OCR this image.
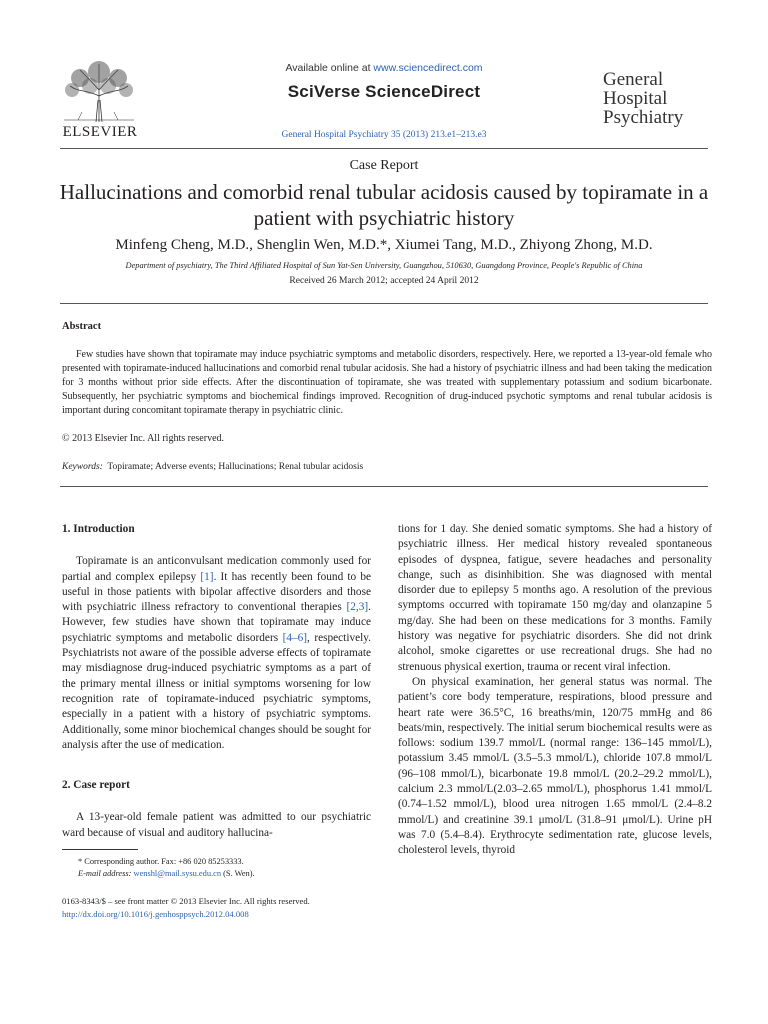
ELSEVIER
Available online at www.sciencedirect.com
SciVerse ScienceDirect
General Hospital Psychiatry 35 (2013) 213.e1–213.e3
General
Hospital
Psychiatry
Case Report
Hallucinations and comorbid renal tubular acidosis caused by topiramate in a patient with psychiatric history
Minfeng Cheng, M.D., Shenglin Wen, M.D.*, Xiumei Tang, M.D., Zhiyong Zhong, M.D.
Department of psychiatry, The Third Affiliated Hospital of Sun Yat-Sen University, Guangzhou, 510630, Guangdong Province, People's Republic of China
Received 26 March 2012; accepted 24 April 2012
Abstract
Few studies have shown that topiramate may induce psychiatric symptoms and metabolic disorders, respectively. Here, we reported a 13-year-old female who presented with topiramate-induced hallucinations and comorbid renal tubular acidosis. She had a history of psychiatric illness and had been taking the medication for 3 months without prior side effects. After the discontinuation of topiramate, she was treated with supplementary potassium and sodium bicarbonate. Subsequently, her psychiatric symptoms and biochemical findings improved. Recognition of drug-induced psychotic symptoms and renal tubular acidosis is important during concomitant topiramate therapy in psychiatric clinic.
© 2013 Elsevier Inc. All rights reserved.
Keywords: Topiramate; Adverse events; Hallucinations; Renal tubular acidosis

1. Introduction

Topiramate is an anticonvulsant medication commonly used for partial and complex epilepsy [1]. It has recently been found to be useful in those patients with bipolar affective disorders and those with psychiatric illness refractory to conventional therapies [2,3]. However, few studies have shown that topiramate may induce psychiatric symptoms and metabolic disorders [4–6], respectively. Psychiatrists not aware of the possible adverse effects of topiramate may misdiagnose drug-induced psychiatric symptoms as a part of the primary mental illness or initial symptoms worsening for low recognition rate of topiramate-induced psychiatric symptoms, especially in a patient with a history of psychiatric symptoms. Additionally, some minor biochemical changes should be sought for analysis after the use of medication.

2. Case report

A 13-year-old female patient was admitted to our psychiatric ward because of visual and auditory hallucina-

* Corresponding author. Fax: +86 020 85253333.
E-mail address: wenshl@mail.sysu.edu.cn (S. Wen).
0163-8343/$ – see front matter © 2013 Elsevier Inc. All rights reserved.
http://dx.doi.org/10.1016/j.genhosppsych.2012.04.008

tions for 1 day. She denied somatic symptoms. She had a history of psychiatric illness. Her medical history revealed spontaneous episodes of dyspnea, fatigue, severe headaches and personality change, such as disinhibition. She was diagnosed with mental disorder due to epilepsy 5 months ago. A resolution of the previous symptoms occurred with topiramate 150 mg/day and olanzapine 5 mg/day. She had been on these medications for 3 months. Family history was negative for psychiatric disorders. She did not drink alcohol, smoke cigarettes or use recreational drugs. She had no strenuous physical exertion, trauma or recent viral infection.

On physical examination, her general status was normal. The patient’s core body temperature, respirations, blood pressure and heart rate were 36.5°C, 16 breaths/min, 120/75 mmHg and 86 beats/min, respectively. The initial serum biochemical results were as follows: sodium 139.7 mmol/L (normal range: 136–145 mmol/L), potassium 3.45 mmol/L (3.5–5.3 mmol/L), chloride 107.8 mmol/L (96–108 mmol/L), bicarbonate 19.8 mmol/L (20.2–29.2 mmol/L), calcium 2.3 mmol/L(2.03–2.65 mmol/L), phosphorus 1.41 mmol/L (0.74–1.52 mmol/L), blood urea nitrogen 1.65 mmol/L (2.4–8.2 mmol/L) and creatinine 39.1 μmol/L (31.8–91 μmol/L). Urine pH was 7.0 (5.4–8.4). Erythrocyte sedimentation rate, glucose levels, cholesterol levels, thyroid
